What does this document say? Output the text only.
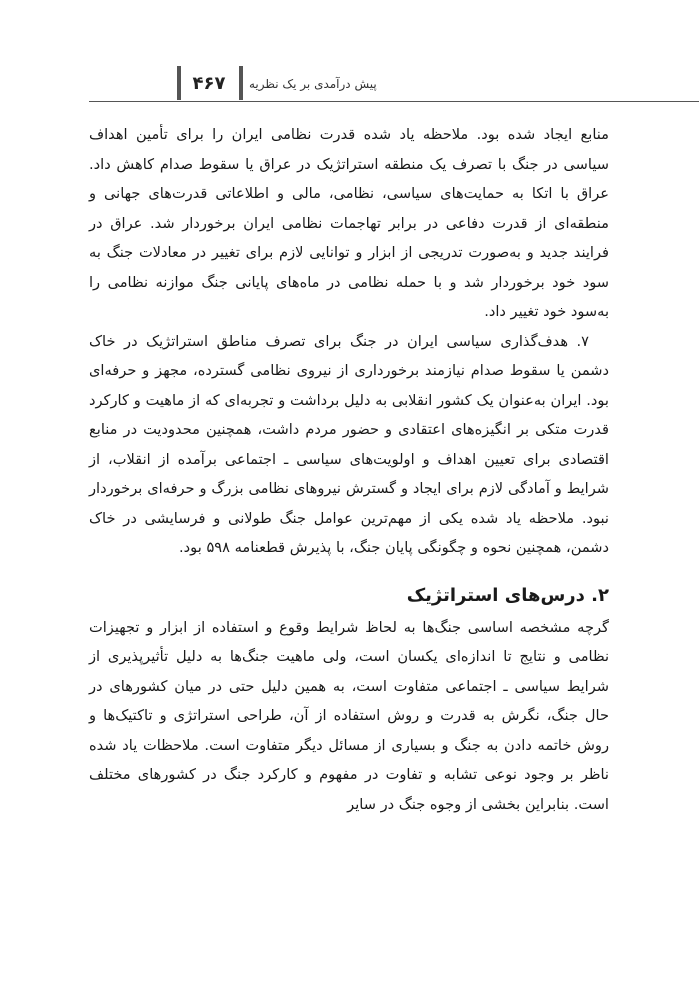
۴۶۷	پیش درآمدی بر یک نظریه

منابع ایجاد شده بود. ملاحظه یاد شده قدرت نظامی ایران را برای تأمین اهداف سیاسی در جنگ با تصرف یک منطقه استراتژیک در عراق یا سقوط صدام کاهش داد. عراق با اتکا به حمایت‌های سیاسی، نظامی، مالی و اطلاعاتی قدرت‌های جهانی و منطقه‌ای از قدرت دفاعی در برابر تهاجمات نظامی ایران برخوردار شد. عراق در فرایند جدید و به‌صورت تدریجی از ابزار و توانایی لازم برای تغییر در معادلات جنگ به سود خود برخوردار شد و با حمله نظامی در ماه‌های پایانی جنگ موازنه نظامی را به‌سود خود تغییر داد.

۷. هدف‌گذاری سیاسی ایران در جنگ برای تصرف مناطق استراتژیک در خاک دشمن یا سقوط صدام نیازمند برخورداری از نیروی نظامی گسترده، مجهز و حرفه‌ای بود. ایران به‌عنوان یک کشور انقلابی به دلیل برداشت و تجربه‌ای که از ماهیت و کارکرد قدرت متکی بر انگیزه‌های اعتقادی و حضور مردم داشت، همچنین محدودیت در منابع اقتصادی برای تعیین اهداف و اولویت‌های سیاسی ـ اجتماعی برآمده از انقلاب، از شرایط و آمادگی لازم برای ایجاد و گسترش نیروهای نظامی بزرگ و حرفه‌ای برخوردار نبود. ملاحظه یاد شده یکی از مهم‌ترین عوامل جنگ طولانی و فرسایشی در خاک دشمن، همچنین نحوه و چگونگی پایان جنگ، با پذیرش قطعنامه ۵۹۸ بود.

۲. درس‌های استراتژیک

گرچه مشخصه اساسی جنگ‌ها به لحاظ شرایط وقوع و استفاده از ابزار و تجهیزات نظامی و نتایج تا اندازه‌ای یکسان است، ولی ماهیت جنگ‌ها به دلیل تأثیرپذیری از شرایط سیاسی ـ اجتماعی متفاوت است، به همین دلیل حتی در میان کشورهای در حال جنگ، نگرش به قدرت و روش استفاده از آن، طراحی استراتژی و تاکتیک‌ها و روش خاتمه دادن به جنگ و بسیاری از مسائل دیگر متفاوت است. ملاحظات یاد شده ناظر بر وجود نوعی تشابه و تفاوت در مفهوم و کارکرد جنگ در کشورهای مختلف است. بنابراین بخشی از وجوه جنگ در سایر
